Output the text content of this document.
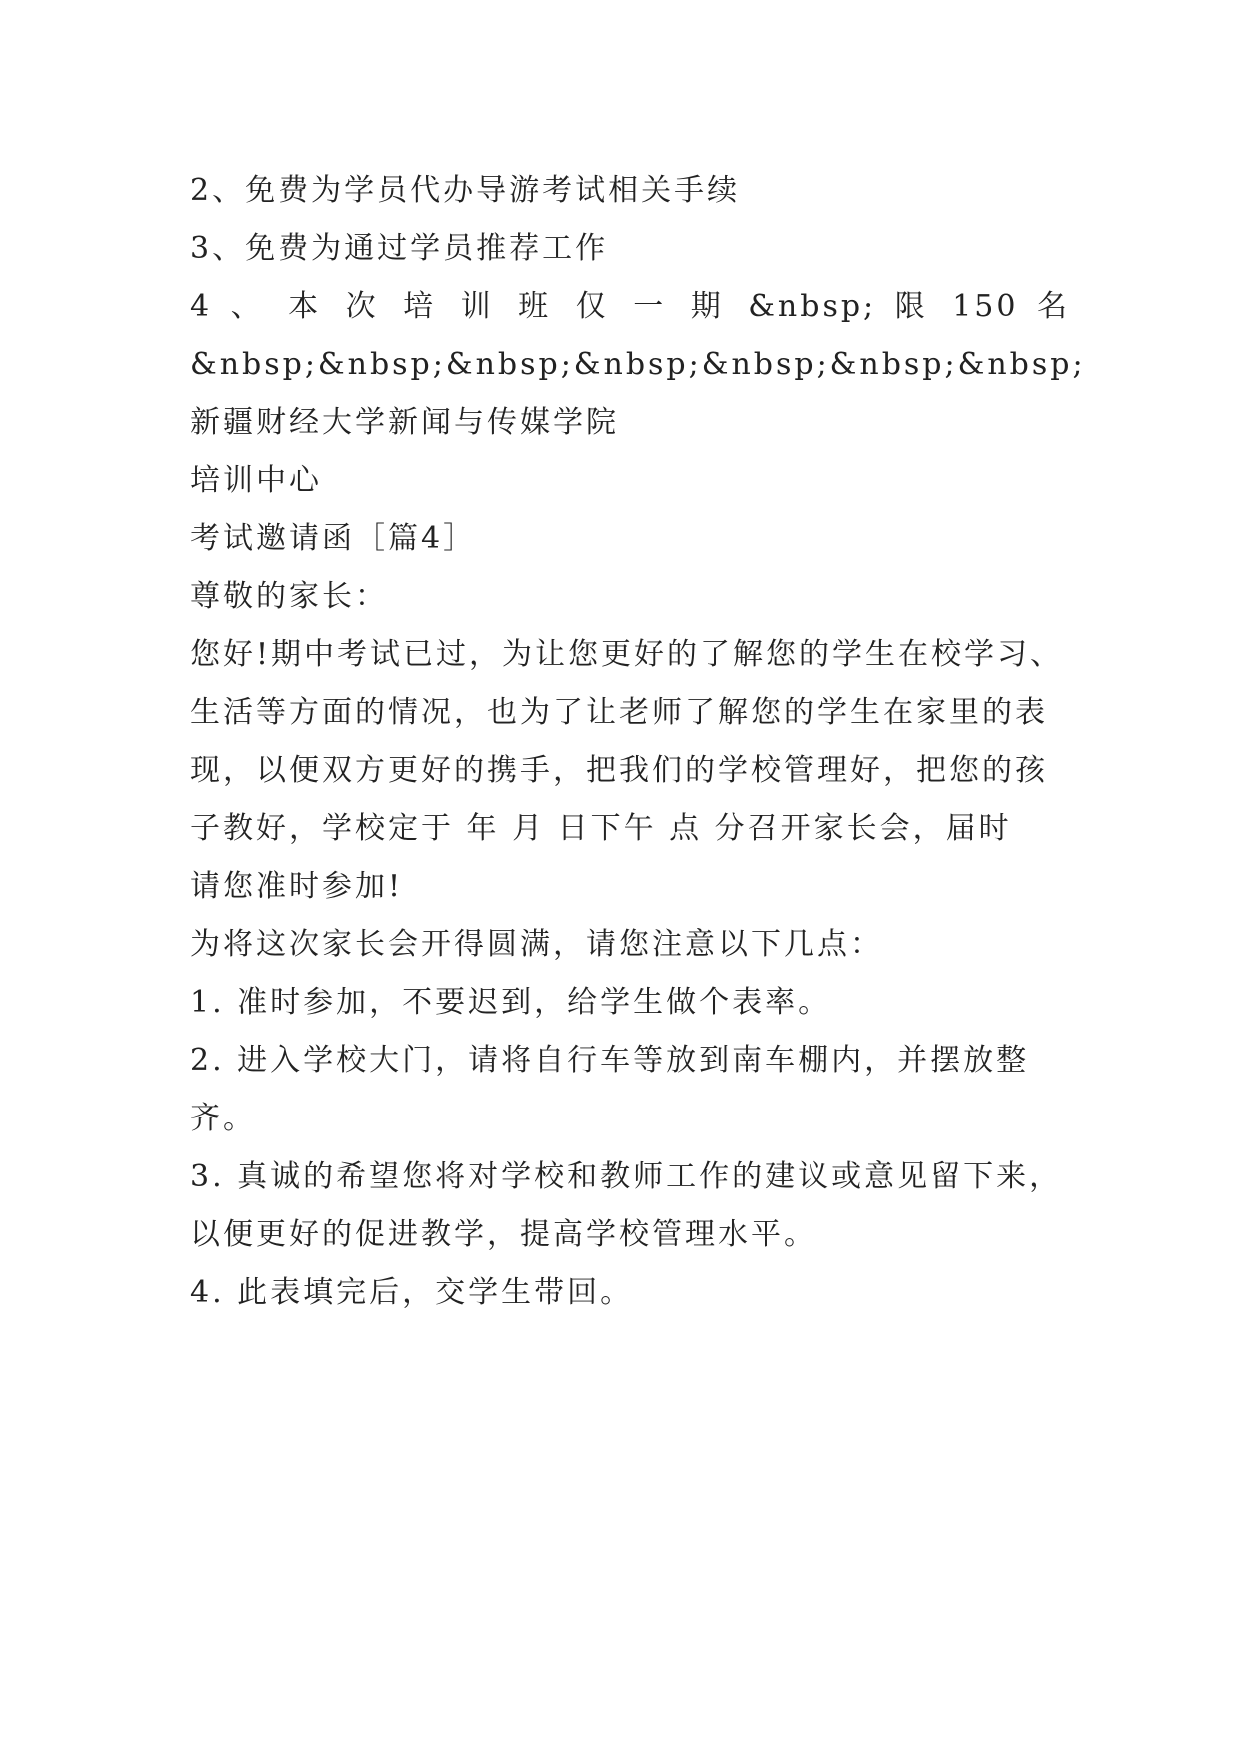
2、免费为学员代办导游考试相关手续

3、免费为通过学员推荐工作

4 、 本 次 培 训 班 仅 一 期 &nbsp; 限 150 名

&nbsp;&nbsp;&nbsp;&nbsp;&nbsp;&nbsp;&nbsp;

新疆财经大学新闻与传媒学院

培训中心

考试邀请函［篇4］

尊敬的家长：

您好!期中考试已过，为让您更好的了解您的学生在校学习、

生活等方面的情况，也为了让老师了解您的学生在家里的表

现，以便双方更好的携手，把我们的学校管理好，把您的孩

子教好，学校定于 年 月 日下午 点 分召开家长会，届时

请您准时参加!

为将这次家长会开得圆满，请您注意以下几点：

1. 准时参加，不要迟到，给学生做个表率。

2. 进入学校大门，请将自行车等放到南车棚内，并摆放整

齐。

3. 真诚的希望您将对学校和教师工作的建议或意见留下来，

以便更好的促进教学，提高学校管理水平。

4. 此表填完后，交学生带回。
